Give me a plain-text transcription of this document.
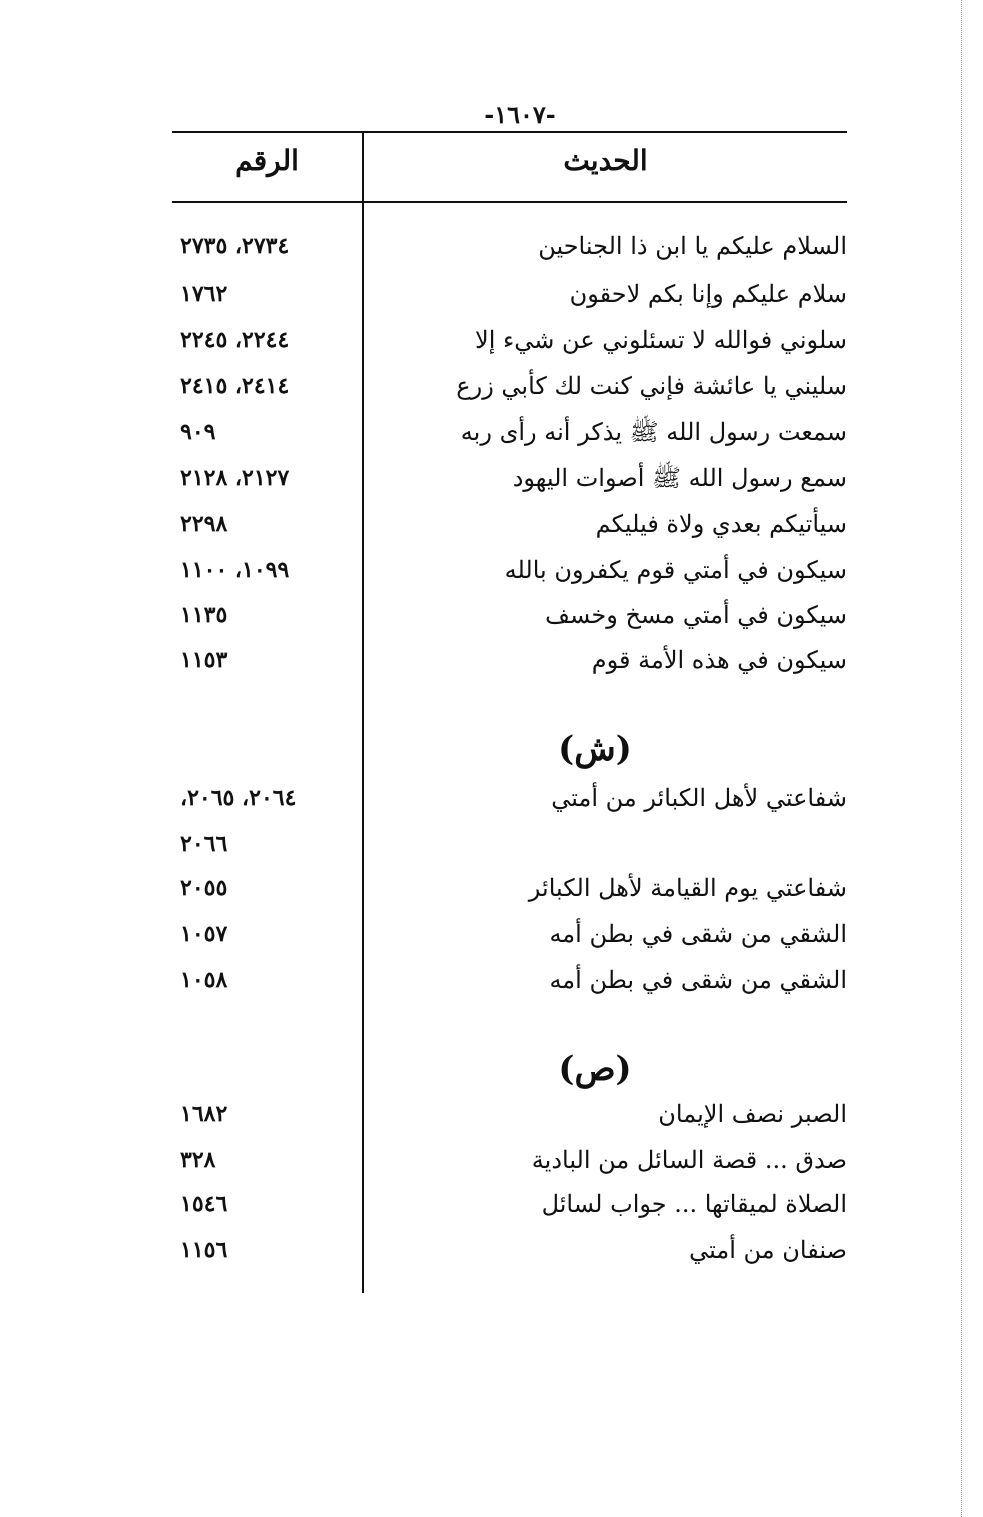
-١٦٠٧-
الحديث
الرقم
السلام عليكم يا ابن ذا الجناحين
٢٧٣٤، ٢٧٣٥
سلام عليكم وإنا بكم لاحقون
١٧٦٢
سلوني فوالله لا تسئلوني عن شيء إلا
٢٢٤٤، ٢٢٤٥
سليني يا عائشة فإني كنت لك كأبي زرع
٢٤١٤، ٢٤١٥
سمعت رسول الله ﷺ يذكر أنه رأى ربه
٩٠٩
سمع رسول الله ﷺ أصوات اليهود
٢١٢٧، ٢١٢٨
سيأتيكم بعدي ولاة فيليكم
٢٢٩٨
سيكون في أمتي قوم يكفرون بالله
١٠٩٩، ١١٠٠
سيكون في أمتي مسخ وخسف
١١٣٥
سيكون في هذه الأمة قوم
١١٥٣
(ش)
شفاعتي لأهل الكبائر من أمتي
٢٠٦٤، ٢٠٦٥،
٢٠٦٦
شفاعتي يوم القيامة لأهل الكبائر
٢٠٥٥
الشقي من شقى في بطن أمه
١٠٥٧
الشقي من شقى في بطن أمه
١٠٥٨
(ص)
الصبر نصف الإيمان
١٦٨٢
صدق ... قصة السائل من البادية
٣٢٨
الصلاة لميقاتها ... جواب لسائل
١٥٤٦
صنفان من أمتي
١١٥٦
